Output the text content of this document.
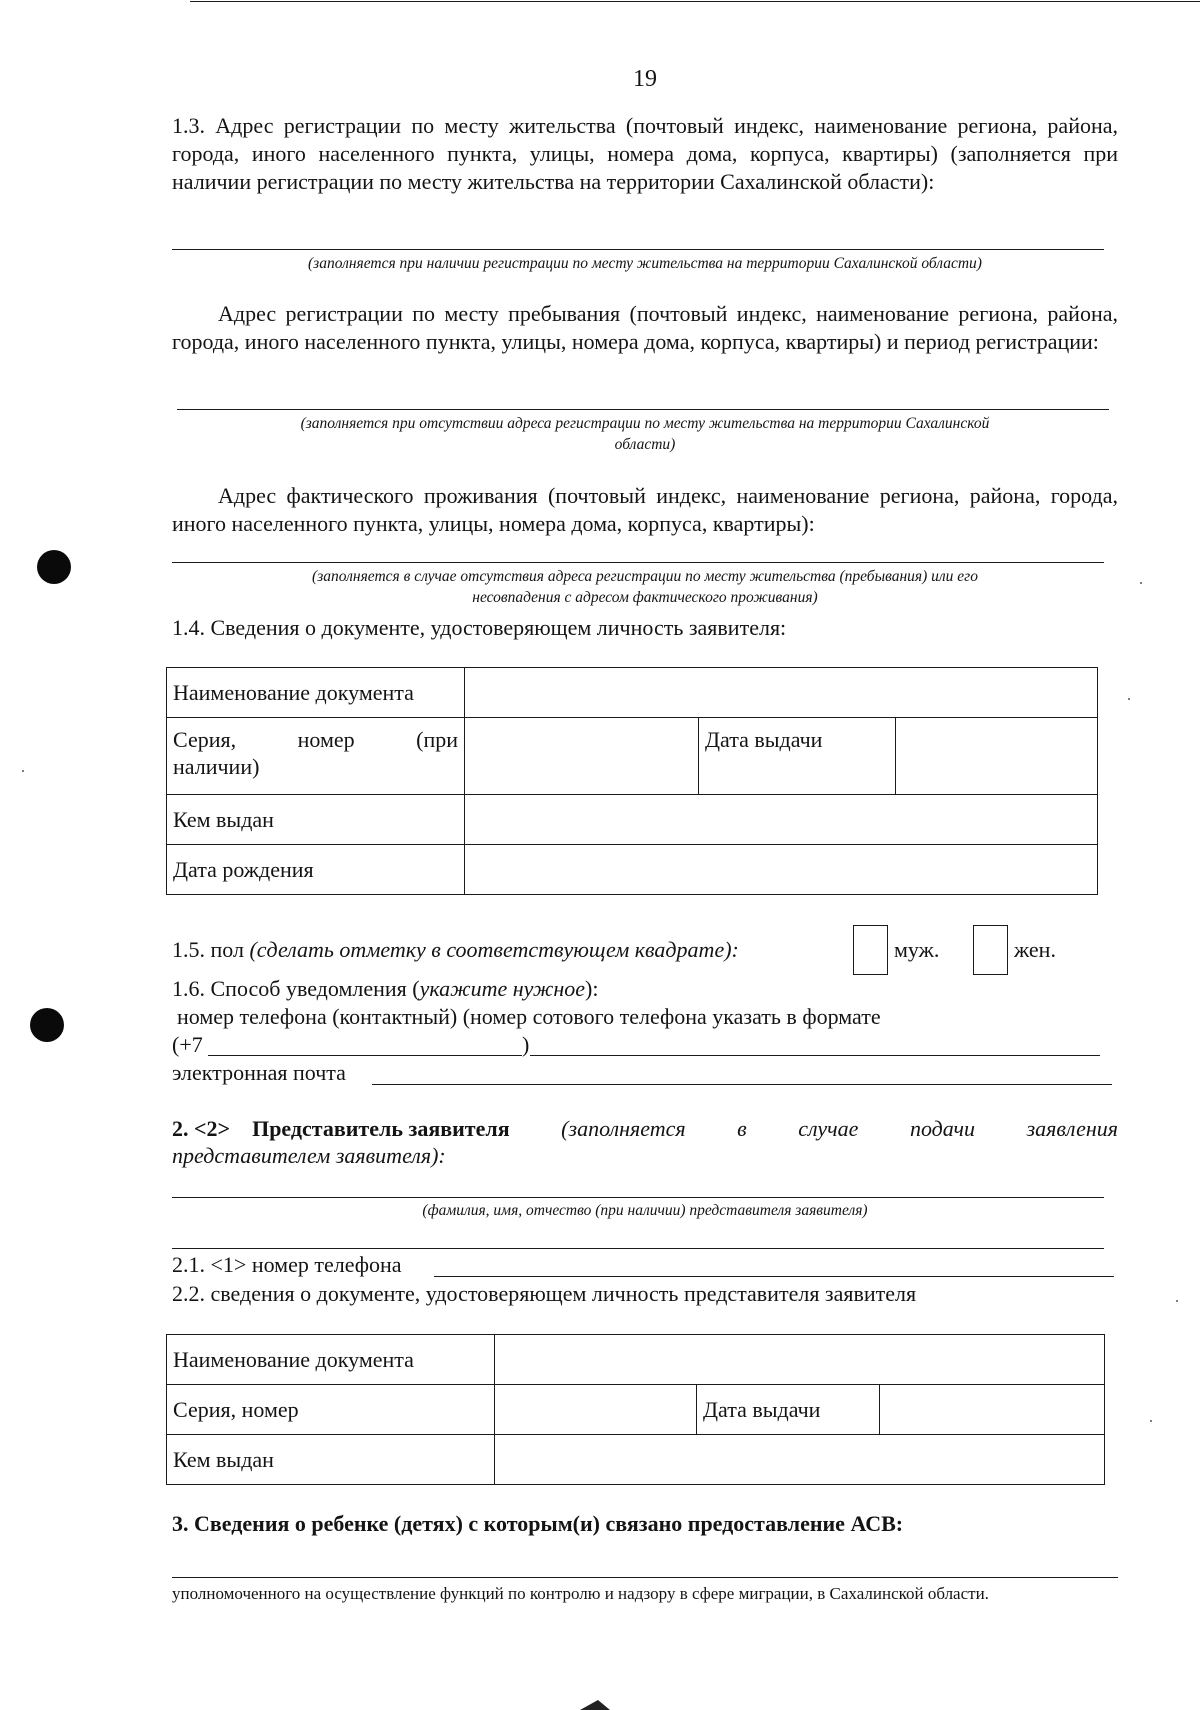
19
1.3. Адрес регистрации по месту жительства (почтовый индекс, наименование региона, района, города, иного населенного пункта, улицы, номера дома, корпуса, квартиры) (заполняется при наличии регистрации по месту жительства на территории Сахалинской области):
(заполняется при наличии регистрации по месту жительства на территории Сахалинской области)
Адрес регистрации по месту пребывания (почтовый индекс, наименование региона, района, города, иного населенного пункта, улицы, номера дома, корпуса, квартиры) и период регистрации:
(заполняется при отсутствии адреса регистрации по месту жительства на территории Сахалинской
области)
Адрес фактического проживания (почтовый индекс, наименование региона, района, города, иного населенного пункта, улицы, номера дома, корпуса, квартиры):
(заполняется в случае отсутствия адреса регистрации по месту жительства (пребывания) или его
несовпадения с адресом фактического проживания)
1.4. Сведения о документе, удостоверяющем личность заявителя:
Наименование документа			

Серия, номер (при
наличии)		Дата выдачи	
Кем выдан			
Дата рождения			
1.5. пол (сделать отметку в соответствующем квадрате):	муж.	жен.
1.6. Способ уведомления (укажите нужное):
номер телефона (контактный) (номер сотового телефона указать в формате
(+7	)
электронная почта
2. <2> Представитель заявителя (заполняется в случае подачи заявления
представителем заявителя):
(фамилия, имя, отчество (при наличии) представителя заявителя)
2.1. <1> номер телефона
2.2. сведения о документе, удостоверяющем личность представителя заявителя
Наименование документа			
Серия, номер		Дата выдачи	
Кем выдан			
3. Сведения о ребенке (детях) с которым(и) связано предоставление АСВ:
уполномоченного на осуществление функций по контролю и надзору в сфере миграции, в Сахалинской области.
